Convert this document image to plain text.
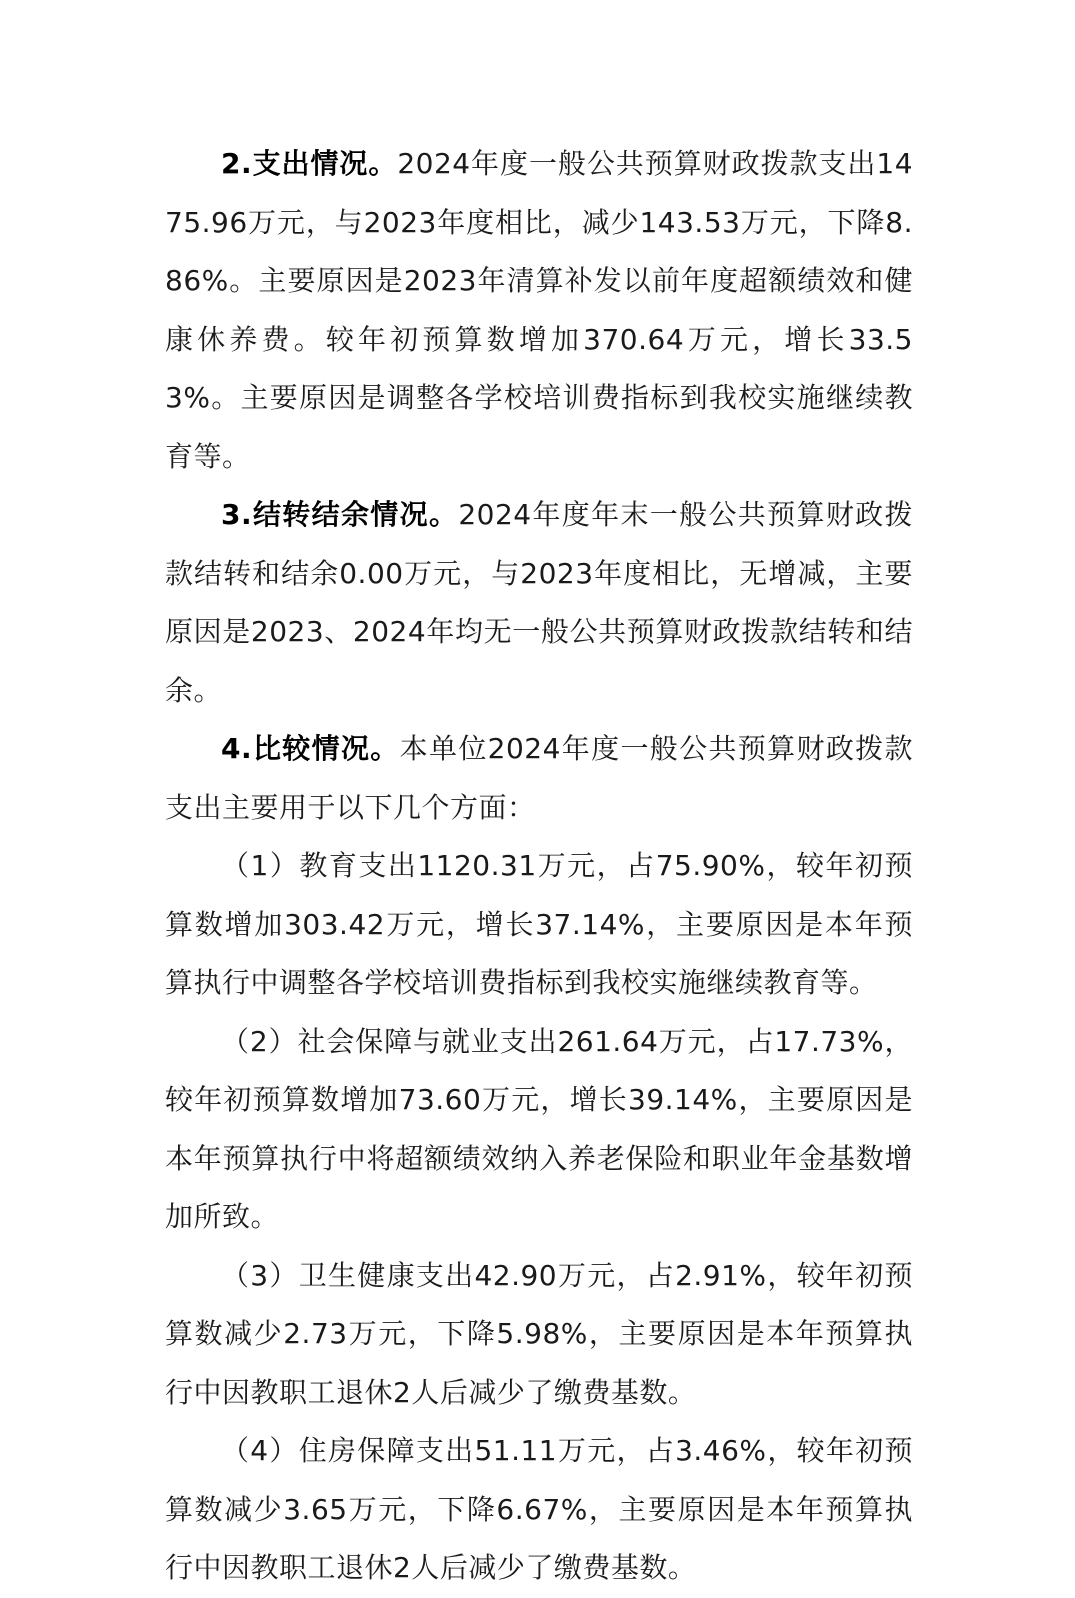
2.支出情况。2024年度一般公共预算财政拨款支出1475.96万元，与2023年度相比，减少143.53万元，下降8.86%。主要原因是2023年清算补发以前年度超额绩效和健康休养费。较年初预算数增加370.64万元，增长33.53%。主要原因是调整各学校培训费指标到我校实施继续教育等。

3.结转结余情况。2024年度年末一般公共预算财政拨款结转和结余0.00万元，与2023年度相比，无增减，主要原因是2023、2024年均无一般公共预算财政拨款结转和结余。

4.比较情况。本单位2024年度一般公共预算财政拨款支出主要用于以下几个方面：

（1）教育支出1120.31万元，占75.90%，较年初预算数增加303.42万元，增长37.14%，主要原因是本年预算执行中调整各学校培训费指标到我校实施继续教育等。

（2）社会保障与就业支出261.64万元，占17.73%，较年初预算数增加73.60万元，增长39.14%，主要原因是本年预算执行中将超额绩效纳入养老保险和职业年金基数增加所致。

（3）卫生健康支出42.90万元，占2.91%，较年初预算数减少2.73万元，下降5.98%，主要原因是本年预算执行中因教职工退休2人后减少了缴费基数。

（4）住房保障支出51.11万元，占3.46%，较年初预算数减少3.65万元，下降6.67%，主要原因是本年预算执行中因教职工退休2人后减少了缴费基数。
